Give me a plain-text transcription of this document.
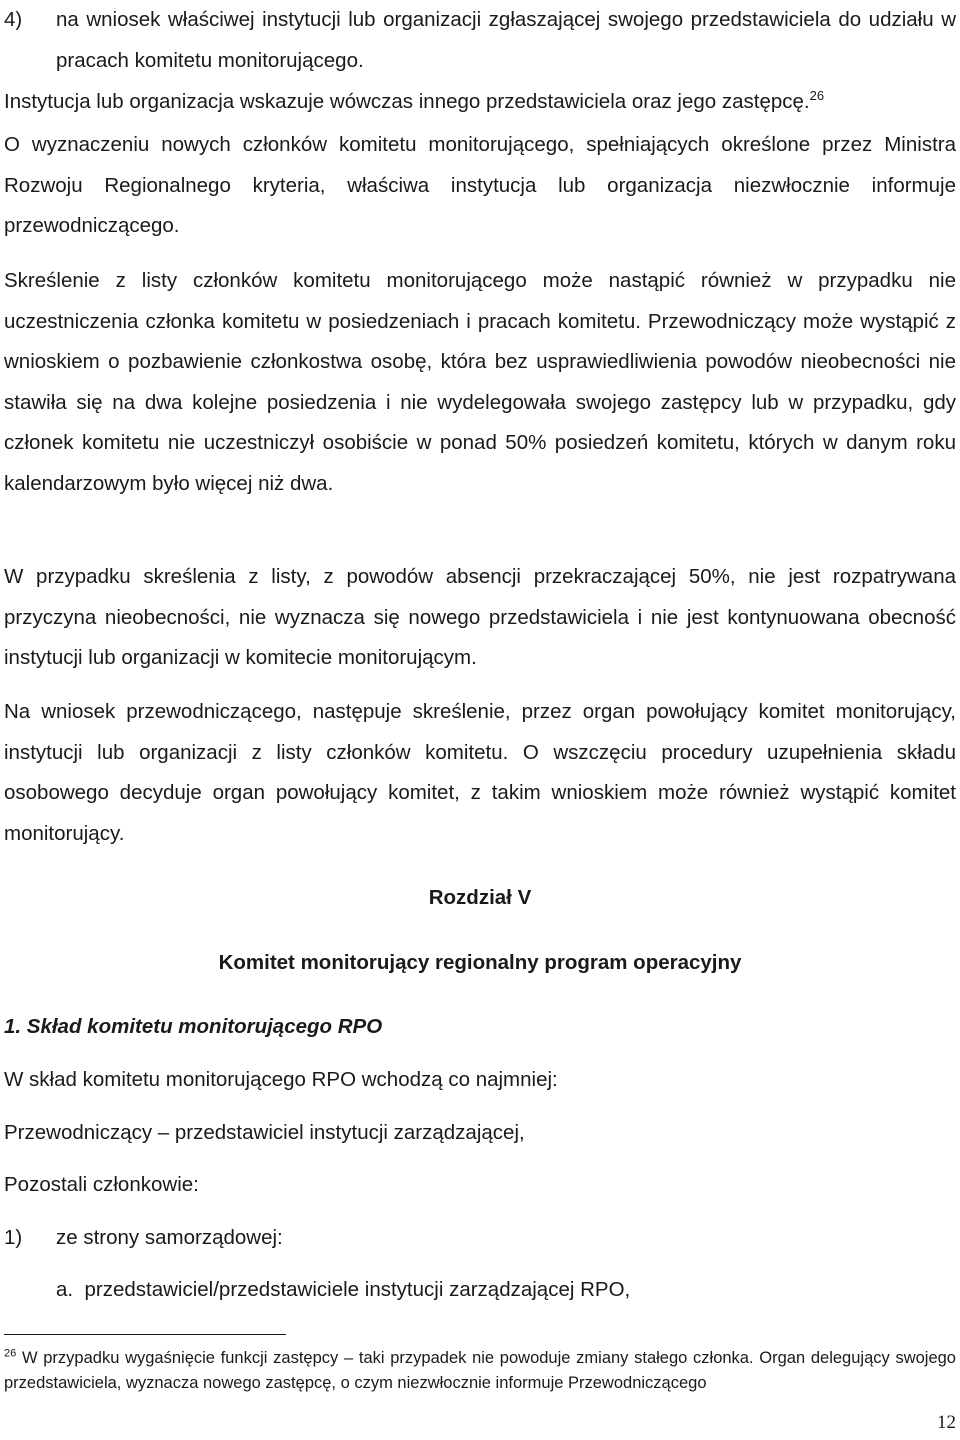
4) na wniosek właściwej instytucji lub organizacji zgłaszającej swojego przedstawiciela do udziału w pracach komitetu monitorującego.

Instytucja lub organizacja wskazuje wówczas innego przedstawiciela oraz jego zastępcę.$^{26}$

O wyznaczeniu nowych członków komitetu monitorującego, spełniających określone przez Ministra Rozwoju Regionalnego kryteria, właściwa instytucja lub organizacja niezwłocznie informuje przewodniczącego.

Skreślenie z listy członków komitetu monitorującego może nastąpić również w przypadku nie uczestniczenia członka komitetu w posiedzeniach i pracach komitetu. Przewodniczący może wystąpić z wnioskiem o pozbawienie członkostwa osobę, która bez usprawiedliwienia powodów nieobecności nie stawiła się na dwa kolejne posiedzenia i nie wydelegowała swojego zastępcy lub w przypadku, gdy członek komitetu nie uczestniczył osobiście w ponad 50% posiedzeń komitetu, których w danym roku kalendarzowym było więcej niż dwa.

W przypadku skreślenia z listy, z powodów absencji przekraczającej 50%, nie jest rozpatrywana przyczyna nieobecności, nie wyznacza się nowego przedstawiciela i nie jest kontynuowana obecność instytucji lub organizacji w komitecie monitorującym.

Na wniosek przewodniczącego, następuje skreślenie, przez organ powołujący komitet monitorujący, instytucji lub organizacji z listy członków komitetu. O wszczęciu procedury uzupełnienia składu osobowego decyduje organ powołujący komitet, z takim wnioskiem może również wystąpić komitet monitorujący.

Rozdział V

Komitet monitorujący regionalny program operacyjny

1. Skład komitetu monitorującego RPO

W skład komitetu monitorującego RPO wchodzą co najmniej:

Przewodniczący – przedstawiciel instytucji zarządzającej,

Pozostali członkowie:

1) ze strony samorządowej:

a.  przedstawiciel/przedstawiciele instytucji zarządzającej RPO,

$^{26}$ W przypadku wygaśnięcie funkcji zastępcy – taki przypadek nie powoduje zmiany stałego członka. Organ delegujący swojego przedstawiciela, wyznacza nowego zastępcę, o czym niezwłocznie informuje Przewodniczącego
12
